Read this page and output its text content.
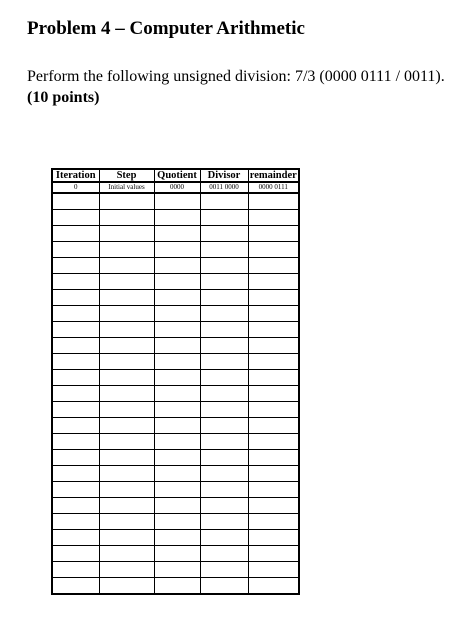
Problem 4 – Computer Arithmetic
Perform the following unsigned division: 7/3 (0000 0111 / 0011). (10 points)
Iteration	Step	Quotient	Divisor	remainder
0	Initial values	0000	0011 0000	0000 0111
